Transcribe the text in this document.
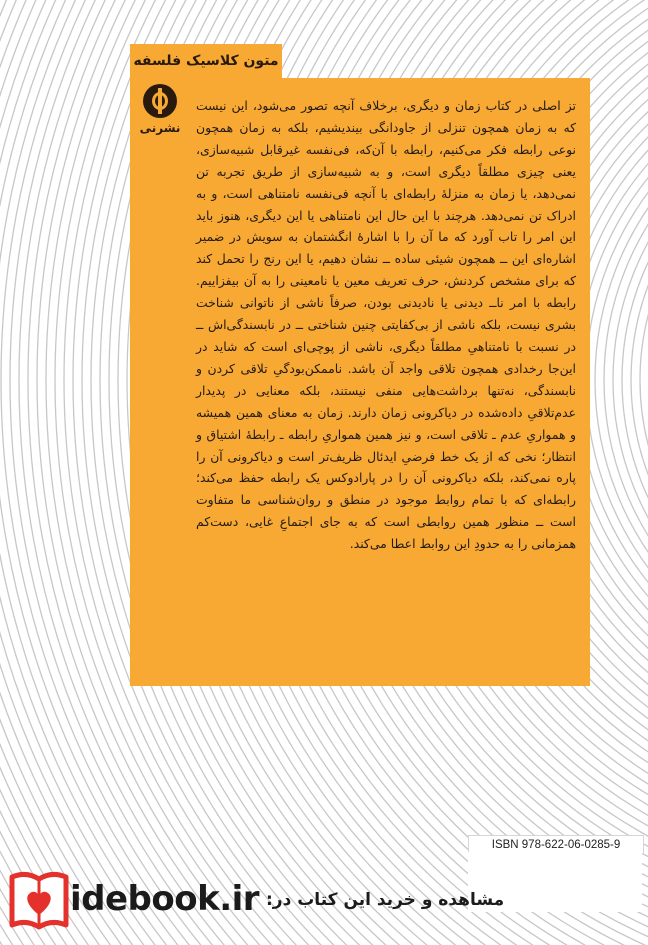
متون کلاسیک فلسفه
نشرنی
تز اصلی در کتاب زمان و دیگری، برخلاف آنچه تصور می‌شود، این نیست که به زمان همچون تنزلی از جاودانگی بیندیشیم، بلکه به زمان همچون نوعی رابطه فکر می‌کنیم، رابطه با آن‌که، فی‌نفسه غیرقابل شبیه‌سازی، یعنی چیزی مطلقاً دیگری است، و به شبیه‌سازی از طریق تجربه تن نمی‌دهد، یا زمان به منزلهٔ رابطه‌ای با آنچه فی‌نفسه نامتناهی است، و به ادراک تن نمی‌دهد. هرچند با این حال این نامتناهی یا این دیگری، هنوز باید این امر را تاب آورد که ما آن را با اشارهٔ انگشتمان به سویش در ضمیر اشاره‌ای این ــ همچون شیئی ساده ــ نشان دهیم، یا این رنج را تحمل کند که برای مشخص کردنش، حرف تعریف معین یا نامعینی را به آن بیفزاییم. رابطه با امر نا‌ــ دیدنی یا نادیدنی بودن، صرفاً ناشی از ناتوانی شناخت بشری نیست، بلکه ناشی از بی‌کفایتی چنین شناختی ــ در نابسندگی‌اش ــ در نسبت با نامتناهیِ مطلقاً دیگری، ناشی از پوچی‌ای است که شاید در این‌جا رخدادی همچون تلاقی واجد آن باشد. ناممکن‌بودگیِ تلاقی کردن و نابسندگی، نه‌تنها برداشت‌هایی منفی نیستند، بلکه معنایی در پدیدار عدم‌تلاقیِ داده‌شده در دیاکرونی زمان دارند. زمان به معنای همین همیشه و همواریِ عدم ـ تلاقی است، و نیز همین همواریِ رابطه ـ رابطهٔ اشتیاق و انتظار؛ نخی که از یک خط فرضیِ ایدئال ظریف‌تر است و دیاکرونی آن را پاره نمی‌کند، بلکه دیاکرونی آن را در پارادوکس یک رابطه حفظ می‌کند؛ رابطه‌ای که با تمام روابط موجود در منطق و روان‌شناسی ما متفاوت است ــ منظور همین روابطی است که به جای اجتماعِ غایی، دست‌کم همزمانی را به حدودِ این روابط اعطا می‌کند.
ISBN 978-622-06-0285-9
idebook.ir مشاهده و خرید این کتاب در:
